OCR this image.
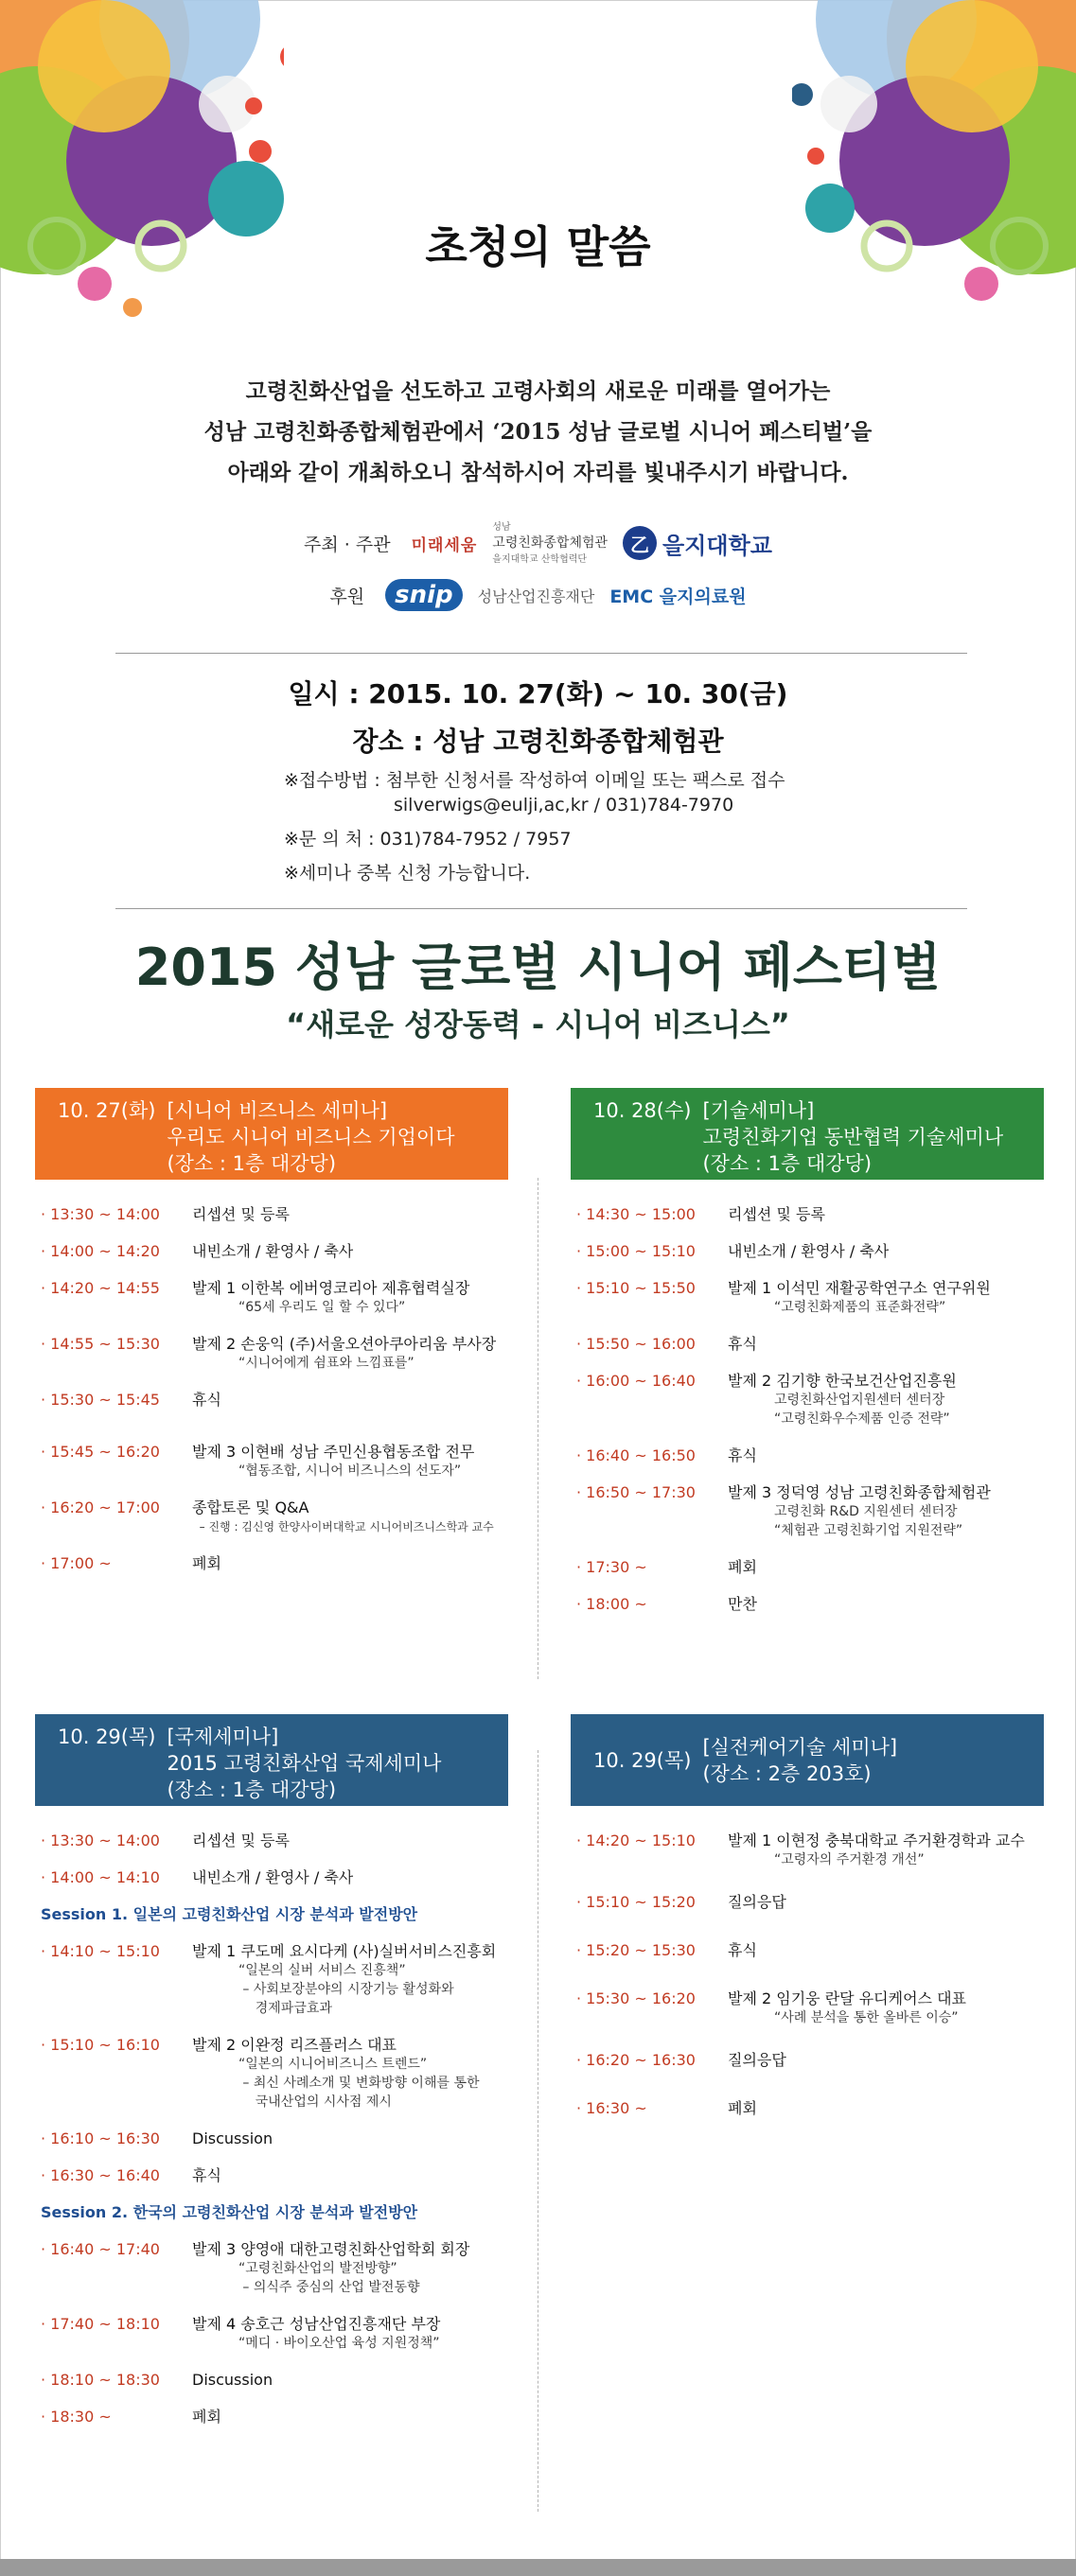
초청의 말씀
고령친화산업을 선도하고 고령사회의 새로운 미래를 열어가는
성남 고령친화종합체험관에서 ‘2015 성남 글로벌 시니어 페스티벌’을
아래와 같이 개최하오니 참석하시어 자리를 빛내주시기 바랍니다.
주최 · 주관 미래세움
성남
고령친화종합체험관
을지대학교 산학협력단
乙 을지대학교
후원	snip	성남산업진흥재단 EMC 을지의료원
일시 : 2015. 10. 27(화) ~ 10. 30(금)
장소 : 성남 고령친화종합체험관
※접수방법 : 첨부한 신청서를 작성하여 이메일 또는 팩스로 접수
silverwigs@eulji,ac,kr / 031)784-7970
※문 의 처 : 031)784-7952 / 7957
※세미나 중복 신청 가능합니다.
2015 성남 글로벌 시니어 페스티벌
“새로운 성장동력 - 시니어 비즈니스”
10. 27(화) [시니어 비즈니스 세미나]
우리도 시니어 비즈니스 기업이다
(장소 : 1층 대강당)
· 13:30 ~ 14:00	리셉션 및 등록
· 14:00 ~ 14:20	내빈소개 / 환영사 / 축사
· 14:20 ~ 14:55	발제 1 이한복 에버영코리아 제휴협력실장
“65세 우리도 일 할 수 있다”
· 14:55 ~ 15:30	발제 2 손웅익 (주)서울오션아쿠아리움 부사장
“시니어에게 쉼표와 느낌표를”
· 15:30 ~ 15:45	휴식
· 15:45 ~ 16:20	발제 3 이현배 성남 주민신용협동조합 전무
“협동조합, 시니어 비즈니스의 선도자”
· 16:20 ~ 17:00	종합토론 및 Q&A
– 진행 : 김신영 한양사이버대학교 시니어비즈니스학과 교수
· 17:00 ~	폐회
10. 28(수) [기술세미나]
고령친화기업 동반협력 기술세미나
(장소 : 1층 대강당)
· 14:30 ~ 15:00	리셉션 및 등록
· 15:00 ~ 15:10	내빈소개 / 환영사 / 축사
· 15:10 ~ 15:50	발제 1 이석민 재활공학연구소 연구위원
“고령친화제품의 표준화전략”
· 15:50 ~ 16:00	휴식
· 16:00 ~ 16:40	발제 2 김기향 한국보건산업진흥원
고령친화산업지원센터 센터장
“고령친화우수제품 인증 전략”
· 16:40 ~ 16:50	휴식
· 16:50 ~ 17:30	발제 3 정덕영 성남 고령친화종합체험관
고령친화 R&D 지원센터 센터장
“체험관 고령친화기업 지원전략”
· 17:30 ~	폐회
· 18:00 ~	만찬
10. 29(목) [국제세미나]
2015 고령친화산업 국제세미나
(장소 : 1층 대강당)
· 13:30 ~ 14:00	리셉션 및 등록
· 14:00 ~ 14:10	내빈소개 / 환영사 / 축사
Session 1. 일본의 고령친화산업 시장 분석과 발전방안
· 14:10 ~ 15:10	발제 1 쿠도메 요시다케 (사)실버서비스진흥회
“일본의 실버 서비스 진흥책”
– 사회보장분야의 시장기능 활성화와
경제파급효과
· 15:10 ~ 16:10	발제 2 이완정 리즈플러스 대표
“일본의 시니어비즈니스 트렌드”
– 최신 사례소개 및 변화방향 이해를 통한
국내산업의 시사점 제시
· 16:10 ~ 16:30	Discussion
· 16:30 ~ 16:40	휴식
Session 2. 한국의 고령친화산업 시장 분석과 발전방안
· 16:40 ~ 17:40	발제 3 양영애 대한고령친화산업학회 회장
“고령친화산업의 발전방향”
– 의식주 중심의 산업 발전동향
· 17:40 ~ 18:10	발제 4 송호근 성남산업진흥재단 부장
“메디 · 바이오산업 육성 지원정책”
· 18:10 ~ 18:30	Discussion
· 18:30 ~	폐회
10. 29(목)
[실전케어기술 세미나]
(장소 : 2층 203호)
· 14:20 ~ 15:10	발제 1 이현정 충북대학교 주거환경학과 교수
“고령자의 주거환경 개선”
· 15:10 ~ 15:20	질의응답
· 15:20 ~ 15:30	휴식
· 15:30 ~ 16:20	발제 2 임기웅 란달 유디케어스 대표
“사례 분석을 통한 올바른 이승”
· 16:20 ~ 16:30	질의응답
· 16:30 ~	폐회
